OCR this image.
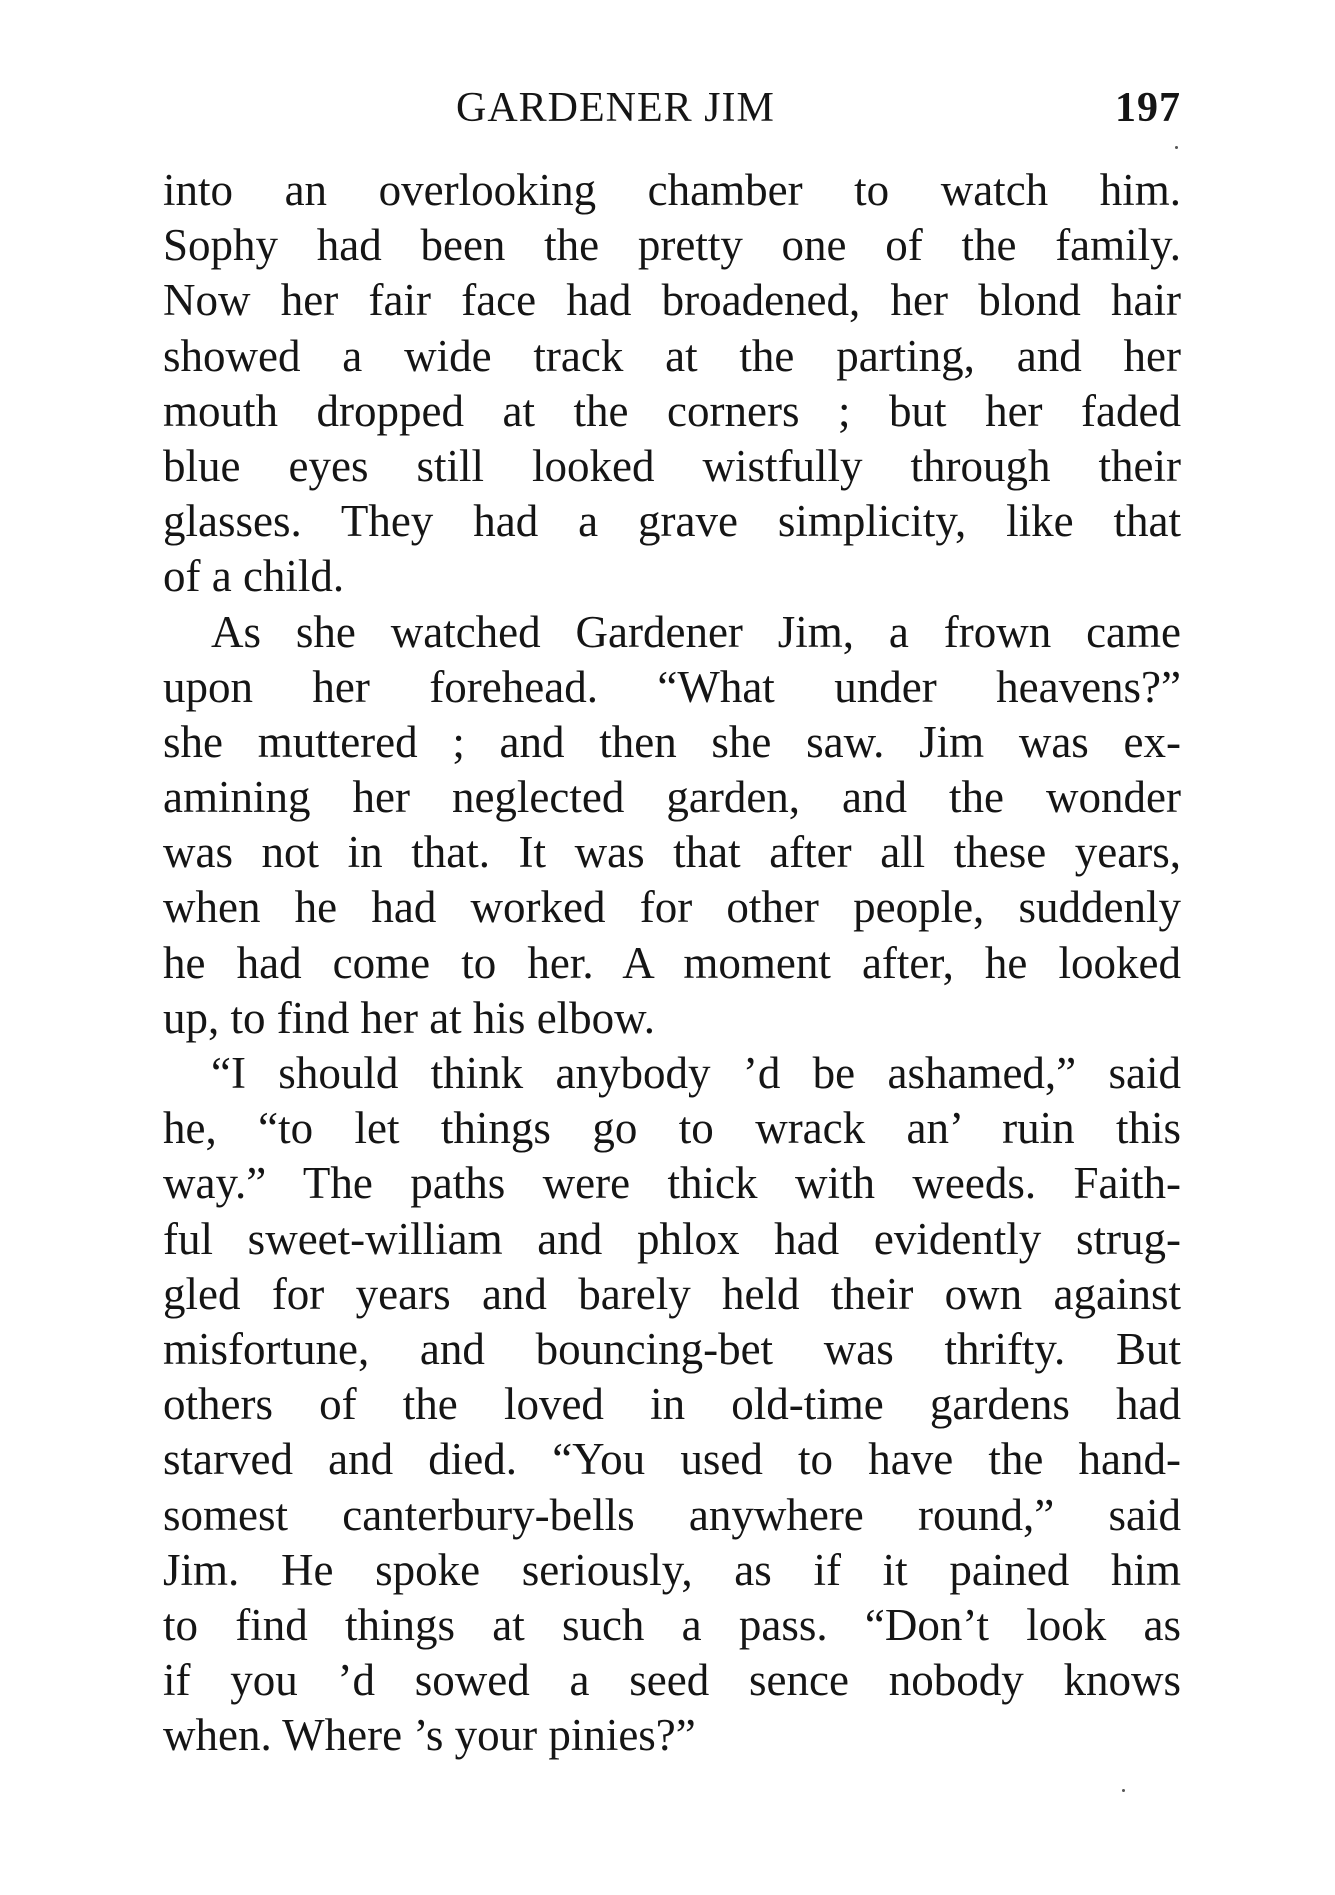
GARDENER JIM	197
into an overlooking chamber to watch him.
Sophy had been the pretty one of the family.
Now her fair face had broadened, her blond hair
showed a wide track at the parting, and her
mouth dropped at the corners ; but her faded
blue eyes still looked wistfully through their
glasses. They had a grave simplicity, like that
of a child.
As she watched Gardener Jim, a frown came
upon her forehead. “What under heavens?”
she muttered ; and then she saw. Jim was ex-
amining her neglected garden, and the wonder
was not in that. It was that after all these years,
when he had worked for other people, suddenly
he had come to her. A moment after, he looked
up, to find her at his elbow.
“I should think anybody ’d be ashamed,” said
he, “to let things go to wrack an’ ruin this
way.” The paths were thick with weeds. Faith-
ful sweet-william and phlox had evidently strug-
gled for years and barely held their own against
misfortune, and bouncing-bet was thrifty. But
others of the loved in old-time gardens had
starved and died. “You used to have the hand-
somest canterbury-bells anywhere round,” said
Jim. He spoke seriously, as if it pained him
to find things at such a pass. “Don’t look as
if you ’d sowed a seed sence nobody knows
when. Where ’s your pinies?”
